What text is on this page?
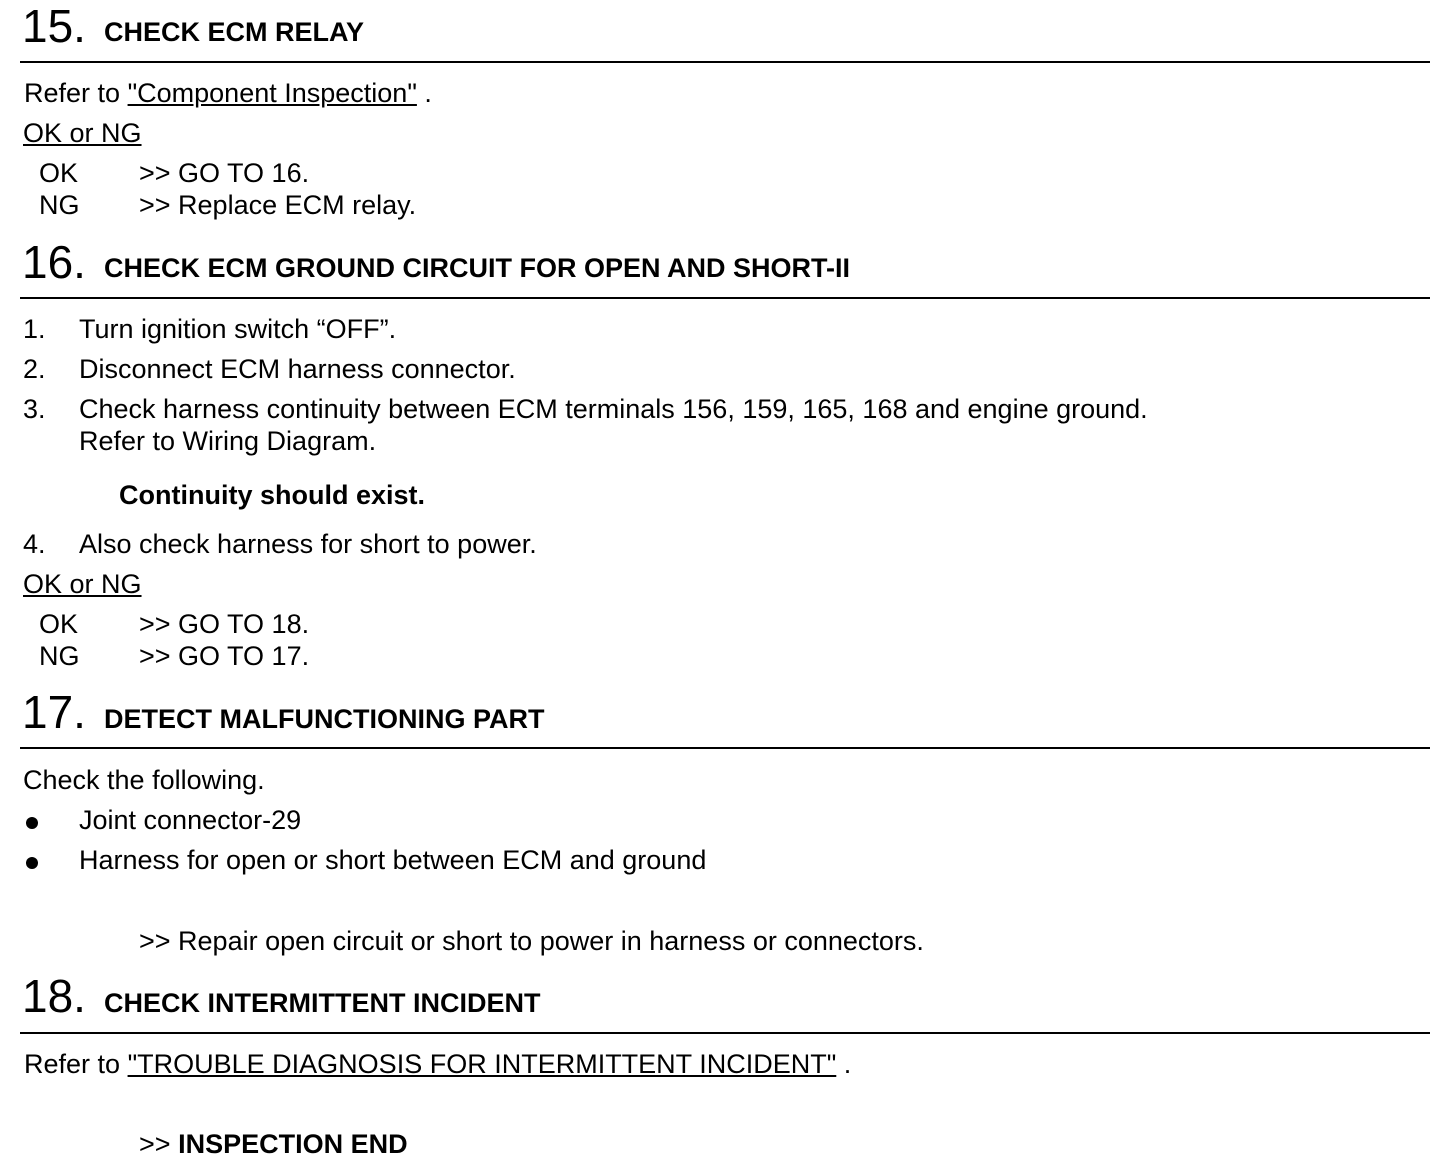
15. CHECK ECM RELAY
Refer to "Component Inspection" .
OK or NG
OK >> GO TO 16.
NG >> Replace ECM relay.
16. CHECK ECM GROUND CIRCUIT FOR OPEN AND SHORT-II
1. Turn ignition switch “OFF”.
2. Disconnect ECM harness connector.
3. Check harness continuity between ECM terminals 156, 159, 165, 168 and engine ground.
Refer to Wiring Diagram.
Continuity should exist.
4. Also check harness for short to power.
OK or NG
OK >> GO TO 18.
NG >> GO TO 17.
17. DETECT MALFUNCTIONING PART
Check the following.
Joint connector-29
Harness for open or short between ECM and ground
>> Repair open circuit or short to power in harness or connectors.
18. CHECK INTERMITTENT INCIDENT
Refer to "TROUBLE DIAGNOSIS FOR INTERMITTENT INCIDENT" .
>> INSPECTION END
